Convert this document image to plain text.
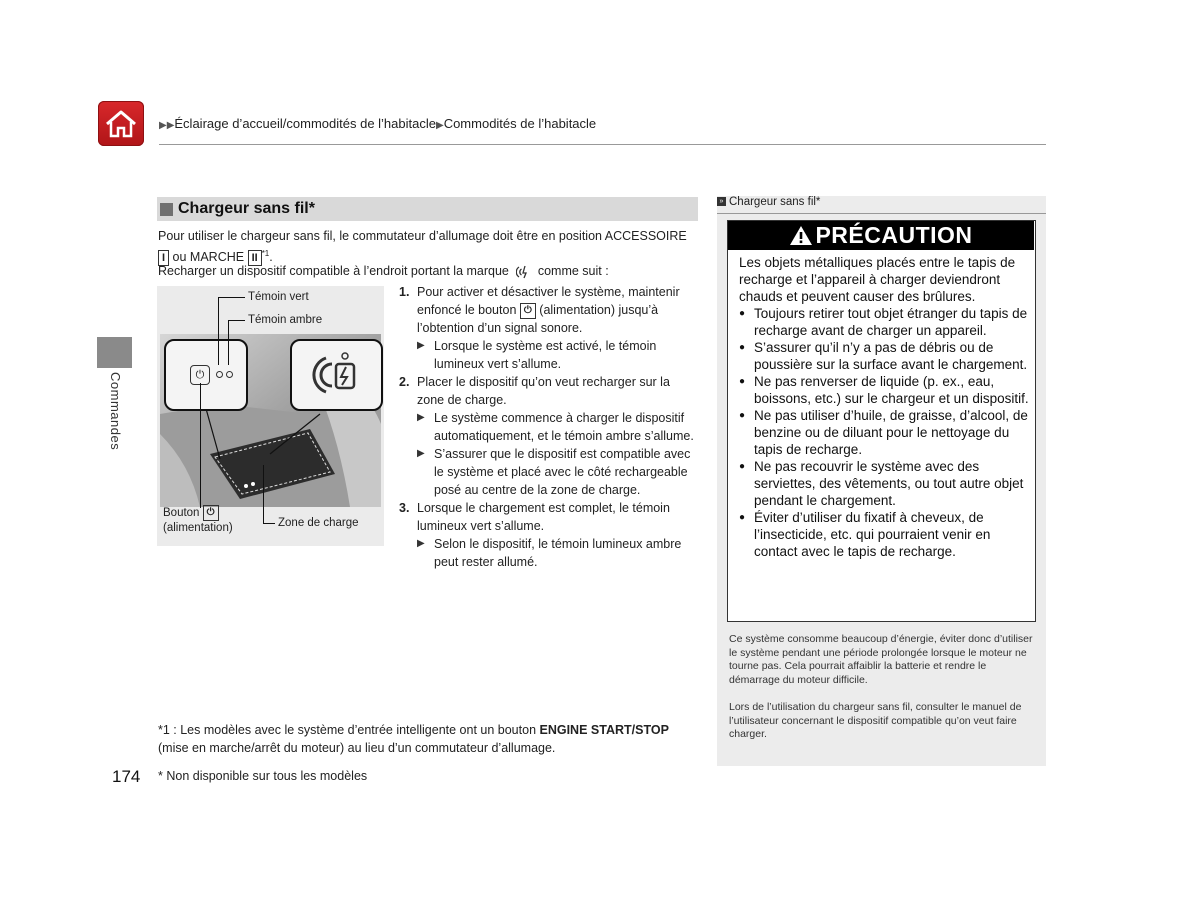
▶▶Éclairage d’accueil/commodités de l’habitacle▶Commodités de l’habitacle
Commandes
Chargeur sans fil*
Pour utiliser le chargeur sans fil, le commutateur d’allumage doit être en position ACCESSOIRE
I ou MARCHE II $^{*1}$.
Recharger un dispositif compatible à l’endroit portant la marque comme suit :
⏻
Témoin vert
Témoin ambre
Zone de charge
Bouton ⏻
(alimentation)
1. Pour activer et désactiver le système, maintenir enfoncé le bouton ⏻ (alimentation) jusqu’à l’obtention d’un signal sonore.
▶ Lorsque le système est activé, le témoin lumineux vert s’allume.
2. Placer le dispositif qu’on veut recharger sur la zone de charge.
▶ Le système commence à charger le dispositif automatiquement, et le témoin ambre s’allume.
▶ S’assurer que le dispositif est compatible avec le système et placé avec le côté rechargeable posé au centre de la zone de charge.
3. Lorsque le chargement est complet, le témoin lumineux vert s’allume.
▶ Selon le dispositif, le témoin lumineux ambre peut rester allumé.
*1 : Les modèles avec le système d’entrée intelligente ont un bouton ENGINE START/STOP
(mise en marche/arrêt du moteur) au lieu d’un commutateur d’allumage.
* Non disponible sur tous les modèles
174
» Chargeur sans fil*
PRÉCAUTION
Les objets métalliques placés entre le tapis de recharge et l’appareil à charger deviendront chauds et peuvent causer des brûlures.
● Toujours retirer tout objet étranger du tapis de recharge avant de charger un appareil.
● S’assurer qu’il n’y a pas de débris ou de poussière sur la surface avant le chargement.
● Ne pas renverser de liquide (p. ex., eau, boissons, etc.) sur le chargeur et un dispositif.
● Ne pas utiliser d’huile, de graisse, d’alcool, de benzine ou de diluant pour le nettoyage du tapis de recharge.
● Ne pas recouvrir le système avec des serviettes, des vêtements, ou tout autre objet pendant le chargement.
● Éviter d’utiliser du fixatif à cheveux, de l’insecticide, etc. qui pourraient venir en contact avec le tapis de recharge.
Ce système consomme beaucoup d’énergie, éviter donc d’utiliser le système pendant une période prolongée lorsque le moteur ne tourne pas. Cela pourrait affaiblir la batterie et rendre le démarrage du moteur difficile.
Lors de l’utilisation du chargeur sans fil, consulter le manuel de l’utilisateur concernant le dispositif compatible qu’on veut faire charger.
